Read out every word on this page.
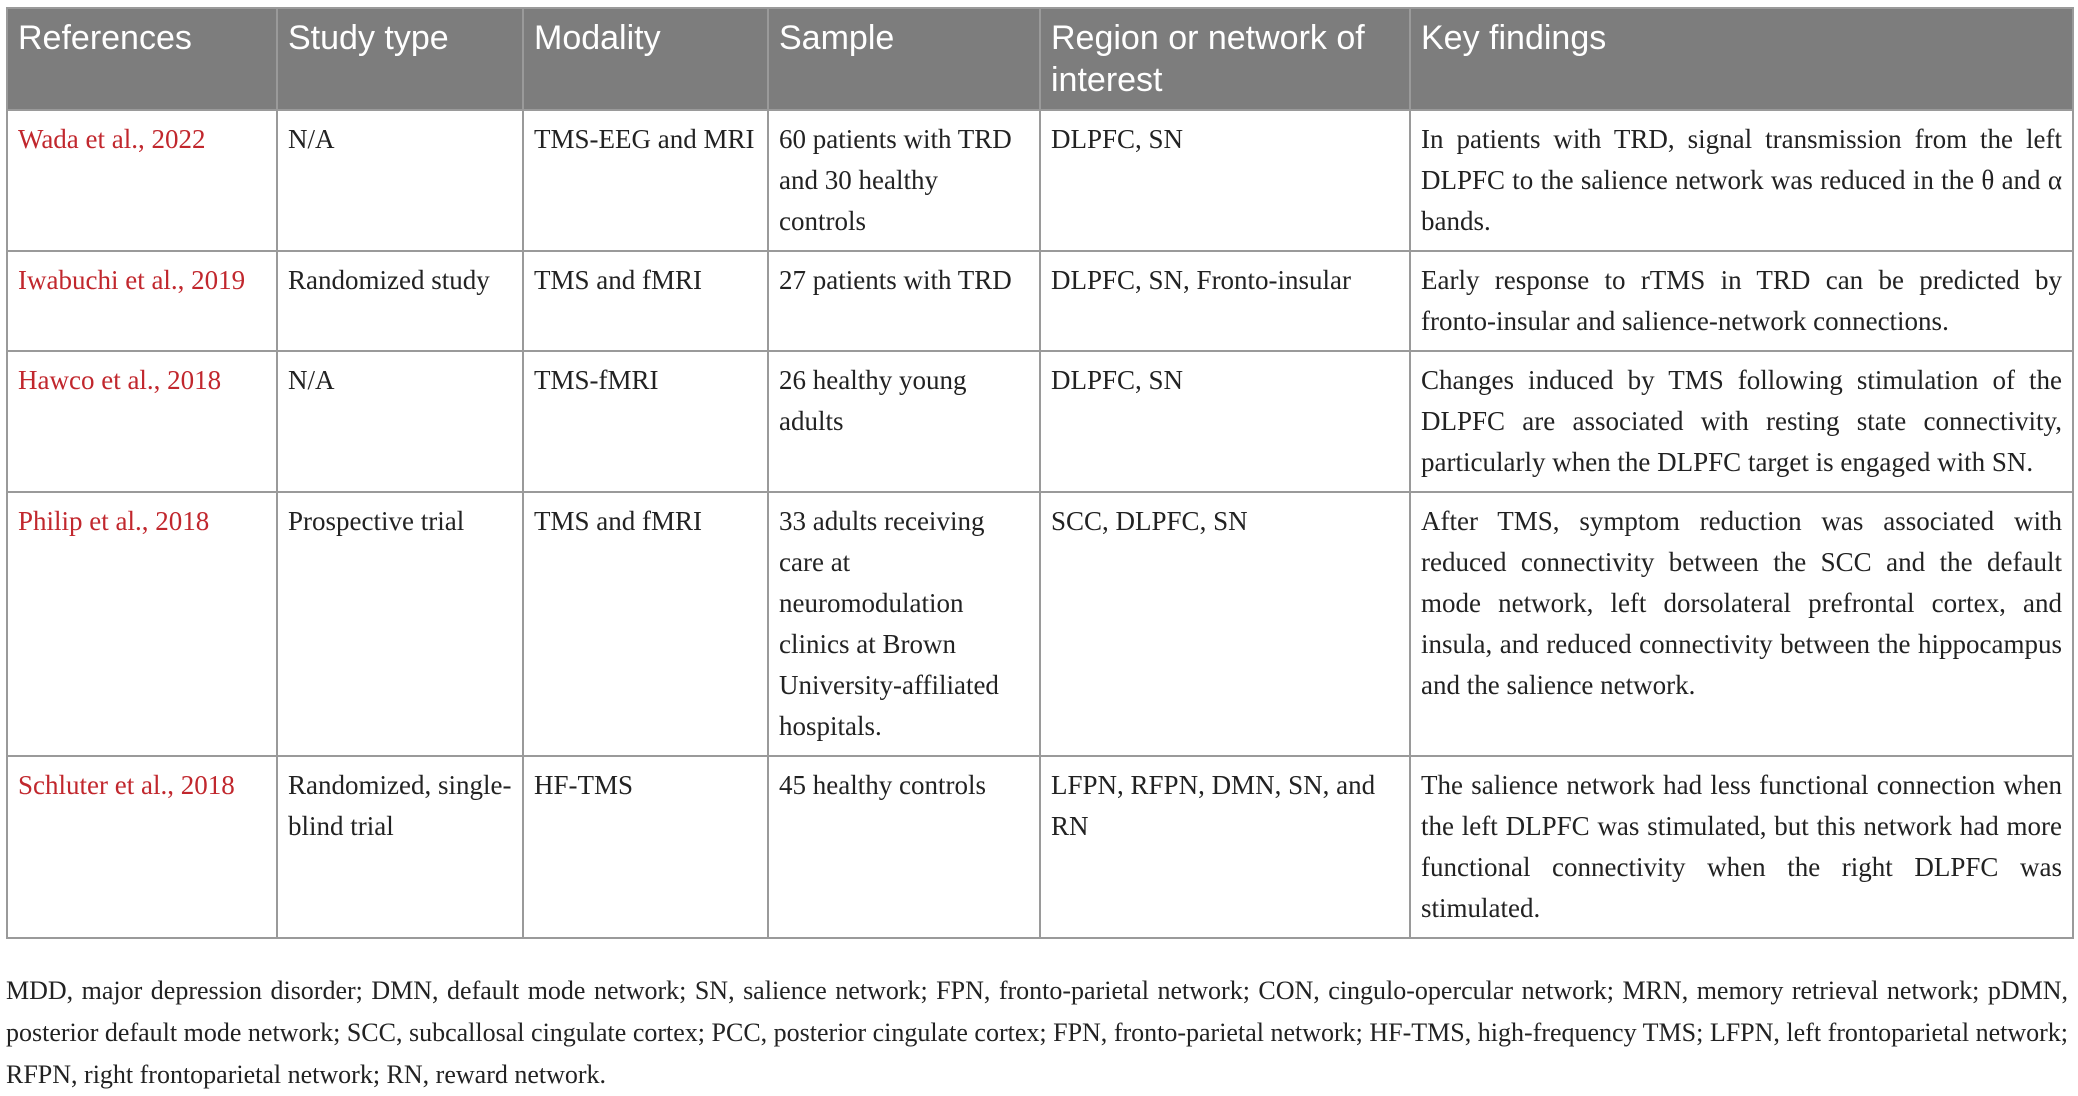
References	Study type	Modality	Sample	Region or network of interest	Key findings
Wada et al., 2022	N/A	TMS-EEG and MRI	60 patients with TRD and 30 healthy controls	DLPFC, SN	In patients with TRD, signal transmission from the left DLPFC to the salience network was reduced in the θ and α bands.
Iwabuchi et al., 2019	Randomized study	TMS and fMRI	27 patients with TRD	DLPFC, SN, Fronto-insular	Early response to rTMS in TRD can be predicted by fronto-insular and salience-network connections.
Hawco et al., 2018	N/A	TMS-fMRI	26 healthy young adults	DLPFC, SN	Changes induced by TMS following stimulation of the DLPFC are associated with resting state connectivity, particularly when the DLPFC target is engaged with SN.
Philip et al., 2018	Prospective trial	TMS and fMRI	33 adults receiving care at neuromodulation clinics at Brown University-affiliated hospitals.	SCC, DLPFC, SN	After TMS, symptom reduction was associated with reduced connectivity between the SCC and the default mode network, left dorsolateral prefrontal cortex, and insula, and reduced connectivity between the hippocampus and the salience network.
Schluter et al., 2018	Randomized, single-blind trial	HF-TMS	45 healthy controls	LFPN, RFPN, DMN, SN, and RN	The salience network had less functional connection when the left DLPFC was stimulated, but this network had more functional connectivity when the right DLPFC was stimulated.
MDD, major depression disorder; DMN, default mode network; SN, salience network; FPN, fronto-parietal network; CON, cingulo-opercular network; MRN, memory retrieval network; pDMN, posterior default mode network; SCC, subcallosal cingulate cortex; PCC, posterior cingulate cortex; FPN, fronto-parietal network; HF-TMS, high-frequency TMS; LFPN, left frontoparietal network; RFPN, right frontoparietal network; RN, reward network.
